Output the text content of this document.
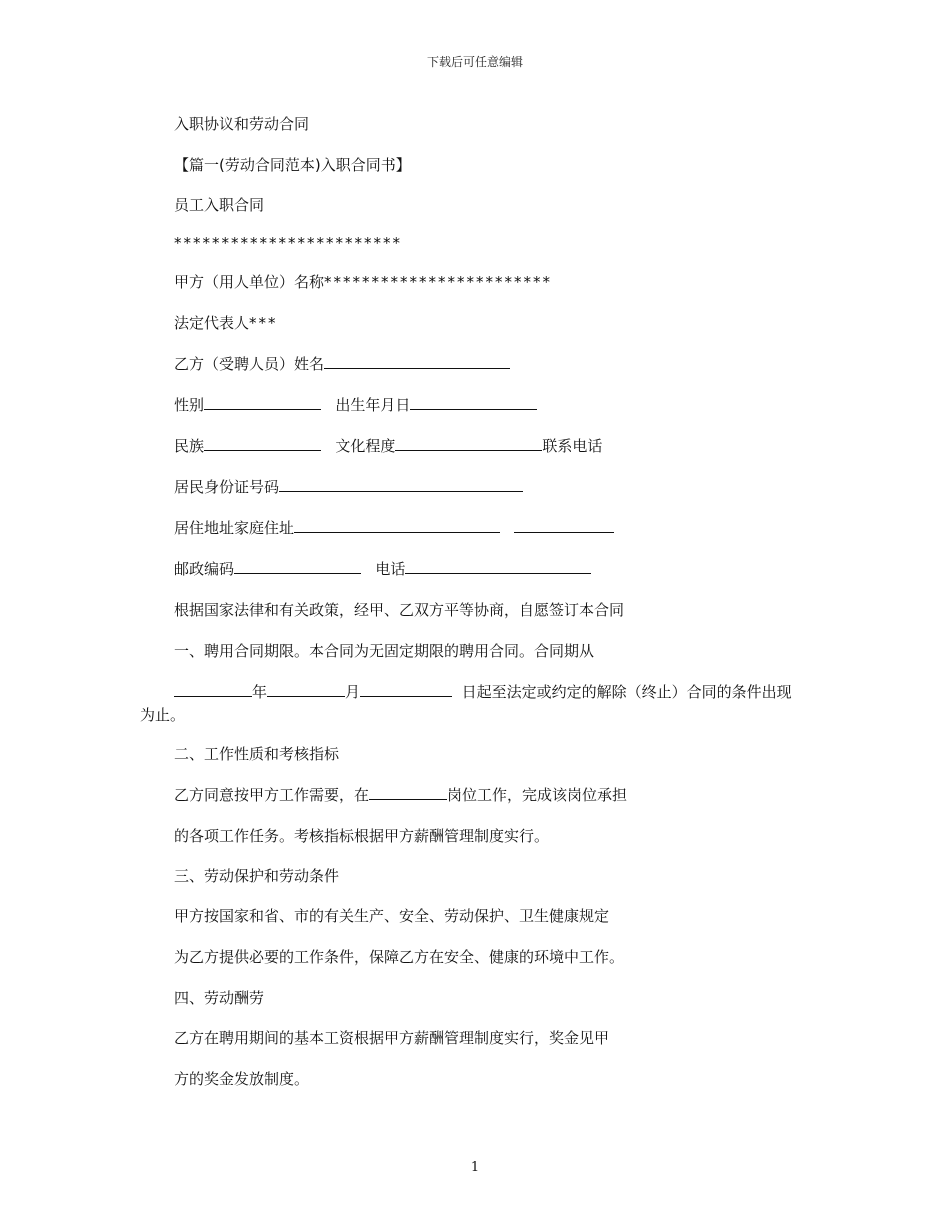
下载后可任意编辑
入职协议和劳动合同
【篇一(劳动合同范本)入职合同书】
员工入职合同
************************
甲方（用人单位）名称************************
法定代表人***
乙方（受聘人员）姓名
性别	出生年月日
民族	文化程度	联系电话
居民身份证号码
居住地址家庭住址
邮政编码	电话
根据国家法律和有关政策，经甲、乙双方平等协商，自愿签订本合同
一、聘用合同期限。本合同为无固定期限的聘用合同。合同期从
年	月	日起至法定或约定的解除（终止）合同的条件出现
为止。
二、工作性质和考核指标
乙方同意按甲方工作需要，在	岗位工作，完成该岗位承担
的各项工作任务。考核指标根据甲方薪酬管理制度实行。
三、劳动保护和劳动条件
甲方按国家和省、市的有关生产、安全、劳动保护、卫生健康规定
为乙方提供必要的工作条件，保障乙方在安全、健康的环境中工作。
四、劳动酬劳
乙方在聘用期间的基本工资根据甲方薪酬管理制度实行，奖金见甲
方的奖金发放制度。
1
